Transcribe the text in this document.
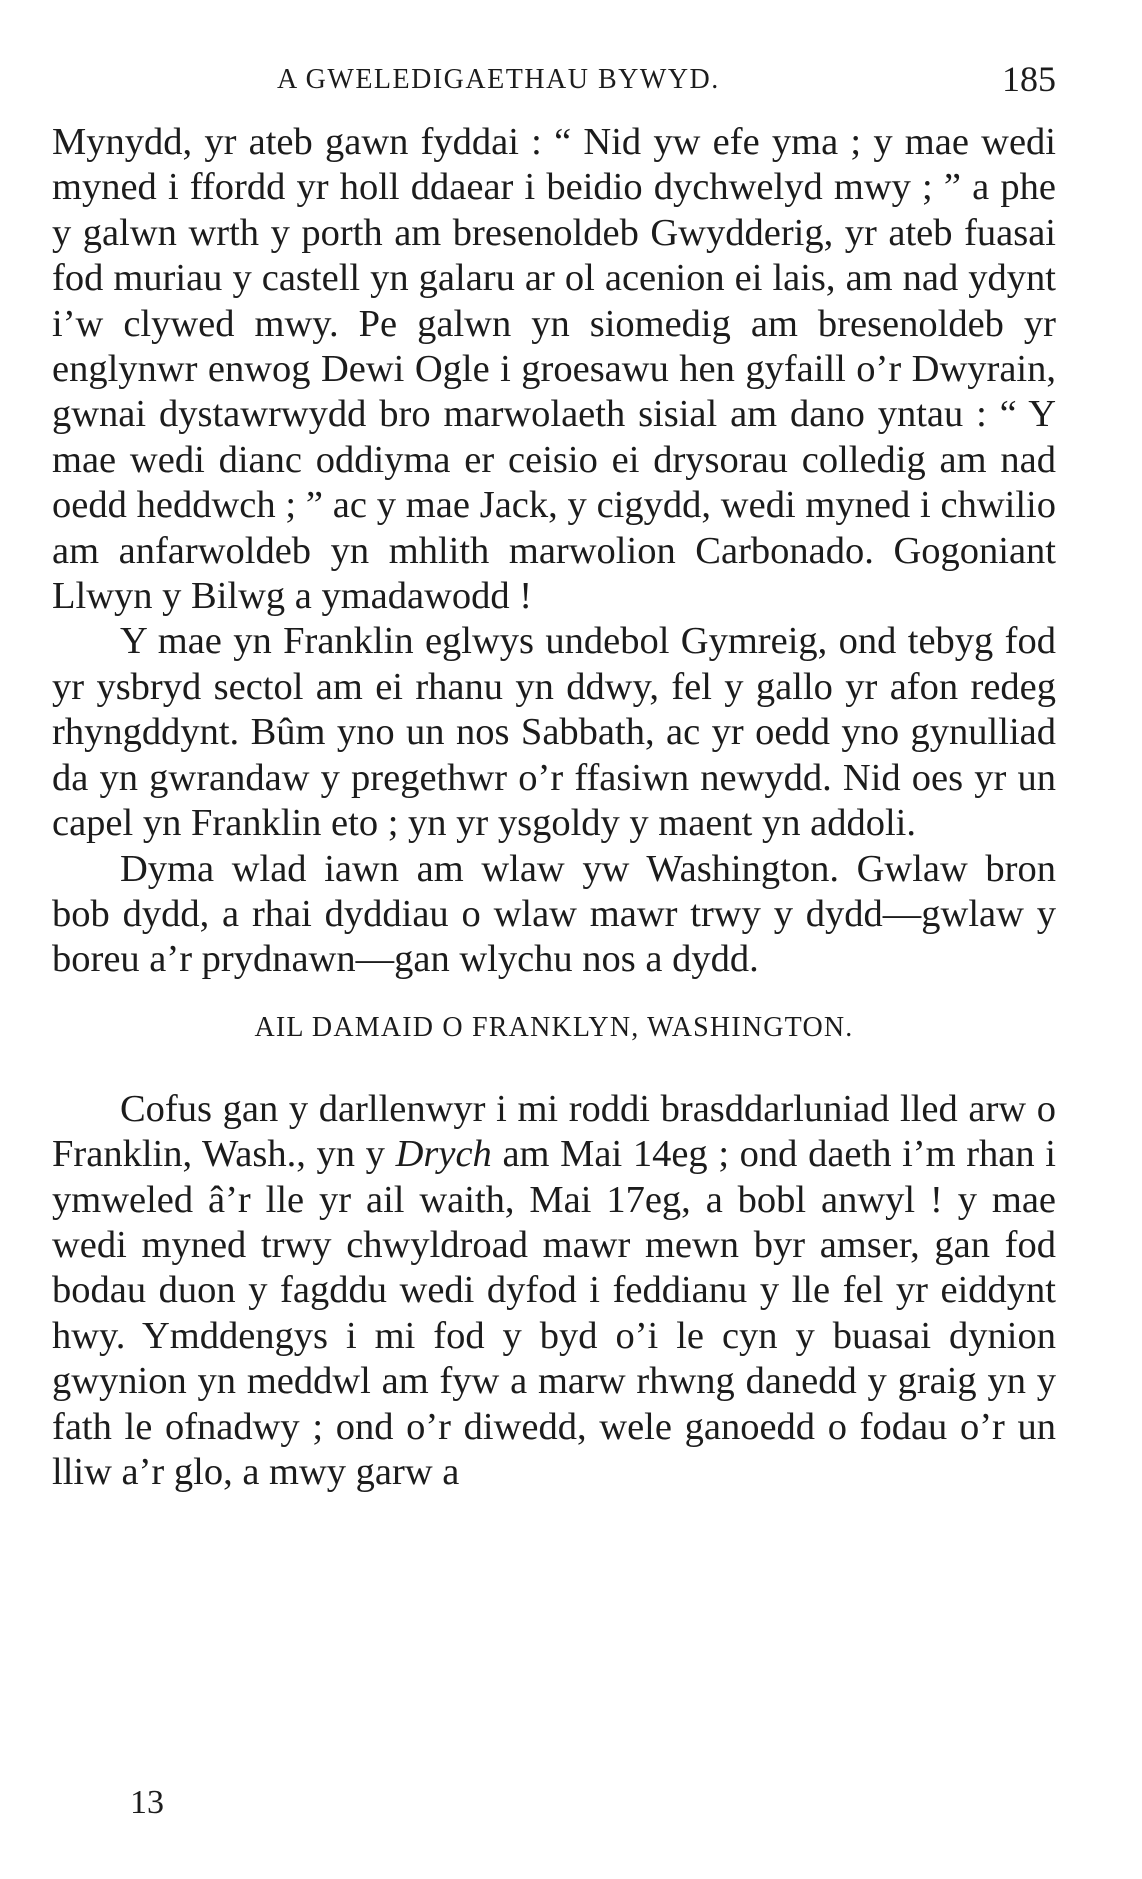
A GWELEDIGAETHAU BYWYD.	185

Mynydd, yr ateb gawn fyddai : “ Nid yw efe yma ; y mae wedi myned i ffordd yr holl ddaear i beidio dychwelyd mwy ; ” a phe y galwn wrth y porth am bresenoldeb Gwydderig, yr ateb fuasai fod muriau y castell yn galaru ar ol acenion ei lais, am nad ydynt i’w clywed mwy. Pe galwn yn siomedig am bresenoldeb yr englynwr enwog Dewi Ogle i groesawu hen gyfaill o’r Dwyrain, gwnai dystawrwydd bro marwolaeth sisial am dano yntau : “ Y mae wedi dianc oddiyma er ceisio ei drysorau colledig am nad oedd heddwch ; ” ac y mae Jack, y cigydd, wedi myned i chwilio am anfarwoldeb yn mhlith marwolion Carbonado. Gogoniant Llwyn y Bilwg a ymadawodd !

Y mae yn Franklin eglwys undebol Gymreig, ond tebyg fod yr ysbryd sectol am ei rhanu yn ddwy, fel y gallo yr afon redeg rhyngddynt. Bûm yno un nos Sabbath, ac yr oedd yno gynulliad da yn gwrandaw y pregethwr o’r ffasiwn newydd. Nid oes yr un capel yn Franklin eto ; yn yr ysgoldy y maent yn addoli.

Dyma wlad iawn am wlaw yw Washington. Gwlaw bron bob dydd, a rhai dyddiau o wlaw mawr trwy y dydd—gwlaw y boreu a’r prydnawn—gan wlychu nos a dydd.

AIL DAMAID O FRANKLYN, WASHINGTON.

Cofus gan y darllenwyr i mi roddi brasddarluniad lled arw o Franklin, Wash., yn y Drych am Mai 14eg ; ond daeth i’m rhan i ymweled â’r lle yr ail waith, Mai 17eg, a bobl anwyl ! y mae wedi myned trwy chwyldroad mawr mewn byr amser, gan fod bodau duon y fagddu wedi dyfod i feddianu y lle fel yr eiddynt hwy. Ymddengys i mi fod y byd o’i le cyn y buasai dynion gwynion yn meddwl am fyw a marw rhwng danedd y graig yn y fath le ofnadwy ; ond o’r diwedd, wele ganoedd o fodau o’r un lliw a’r glo, a mwy garw a

13
